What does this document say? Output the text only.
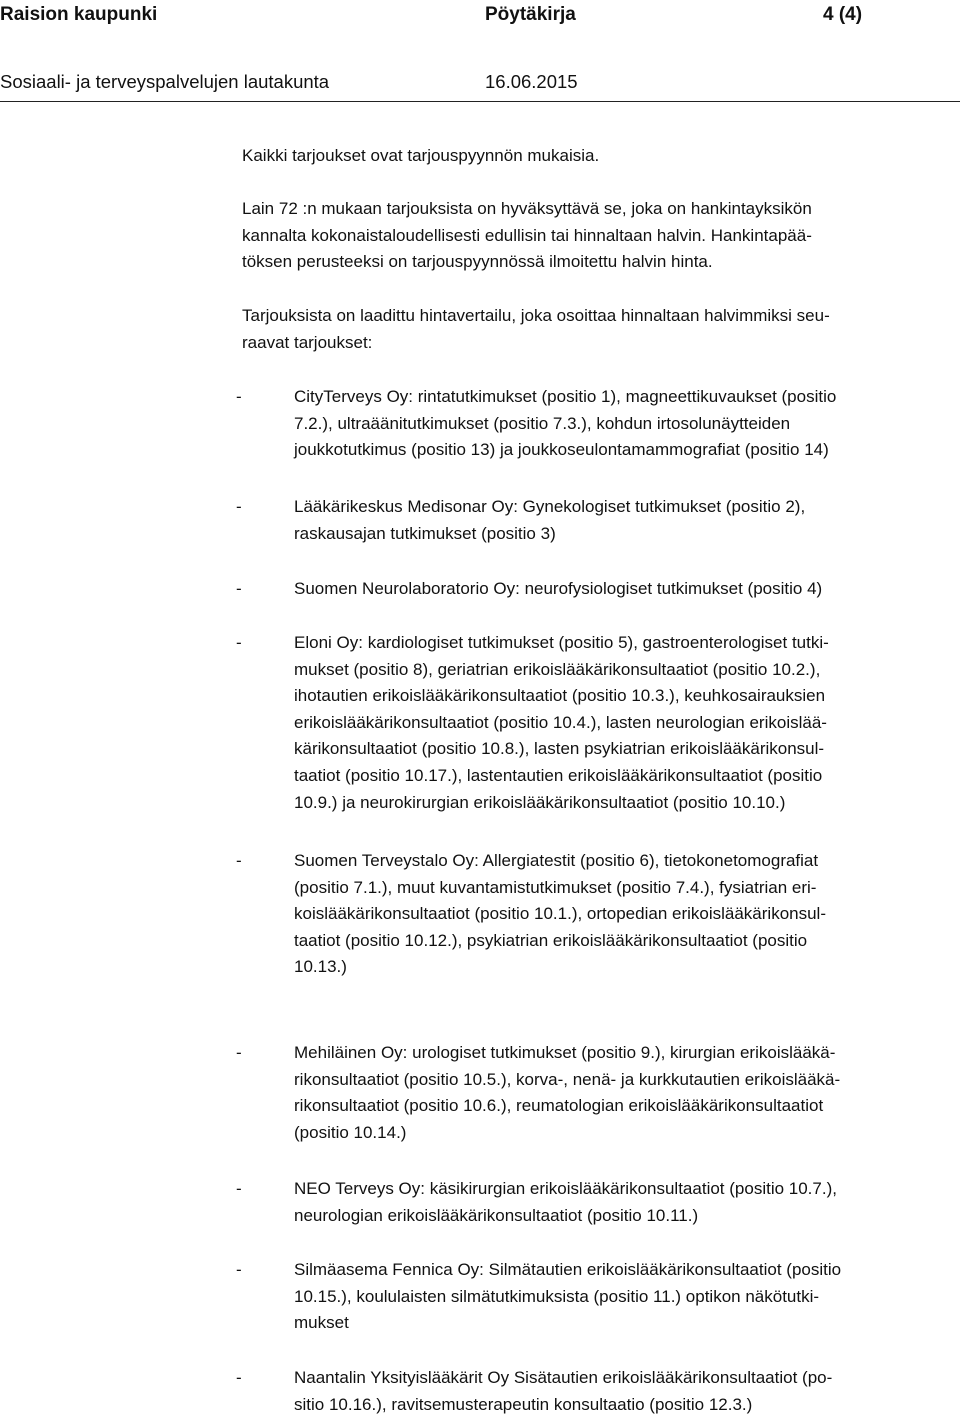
Raision kaupunki	Pöytäkirja	4 (4)
Sosiaali- ja terveyspalvelujen lautakunta	16.06.2015

Kaikki tarjoukset ovat tarjouspyynnön mukaisia.

Lain 72 :n mukaan tarjouksista on hyväksyttävä se, joka on hankintayksikön
kannalta kokonaistaloudellisesti edullisin tai hinnaltaan halvin. Hankintapää-
töksen perusteeksi on tarjouspyynnössä ilmoitettu halvin hinta.

Tarjouksista on laadittu hintavertailu, joka osoittaa hinnaltaan halvimmiksi seu-
raavat tarjoukset:

-	CityTerveys Oy: rintatutkimukset (positio 1), magneettikuvaukset (positio
7.2.), ultraäänitutkimukset (positio 7.3.), kohdun irtosolunäytteiden
joukkotutkimus (positio 13) ja joukkoseulontamammografiat (positio 14)
-	Lääkärikeskus Medisonar Oy: Gynekologiset tutkimukset (positio 2),
raskausajan tutkimukset (positio 3)
-	Suomen Neurolaboratorio Oy: neurofysiologiset tutkimukset (positio 4)
-	Eloni Oy: kardiologiset tutkimukset (positio 5), gastroenterologiset tutki-
mukset (positio 8), geriatrian erikoislääkärikonsultaatiot (positio 10.2.),
ihotautien erikoislääkärikonsultaatiot (positio 10.3.), keuhkosairauksien
erikoislääkärikonsultaatiot (positio 10.4.), lasten neurologian erikoislää-
kärikonsultaatiot (positio 10.8.), lasten psykiatrian erikoislääkärikonsul-
taatiot (positio 10.17.), lastentautien erikoislääkärikonsultaatiot (positio
10.9.) ja neurokirurgian erikoislääkärikonsultaatiot (positio 10.10.)
-	Suomen Terveystalo Oy: Allergiatestit (positio 6), tietokonetomografiat
(positio 7.1.), muut kuvantamistutkimukset (positio 7.4.), fysiatrian eri-
koislääkärikonsultaatiot (positio 10.1.), ortopedian erikoislääkärikonsul-
taatiot (positio 10.12.), psykiatrian erikoislääkärikonsultaatiot (positio
10.13.)
-	Mehiläinen Oy: urologiset tutkimukset (positio 9.), kirurgian erikoislääkä-
rikonsultaatiot (positio 10.5.), korva-, nenä- ja kurkkutautien erikoislääkä-
rikonsultaatiot (positio 10.6.), reumatologian erikoislääkärikonsultaatiot
(positio 10.14.)
-	NEO Terveys Oy: käsikirurgian erikoislääkärikonsultaatiot (positio 10.7.),
neurologian erikoislääkärikonsultaatiot (positio 10.11.)
-	Silmäasema Fennica Oy: Silmätautien erikoislääkärikonsultaatiot (positio
10.15.), koululaisten silmätutkimuksista (positio 11.) optikon näkötutki-
mukset
-	Naantalin Yksityislääkärit Oy Sisätautien erikoislääkärikonsultaatiot (po-
sitio 10.16.), ravitsemusterapeutin konsultaatio (positio 12.3.)
